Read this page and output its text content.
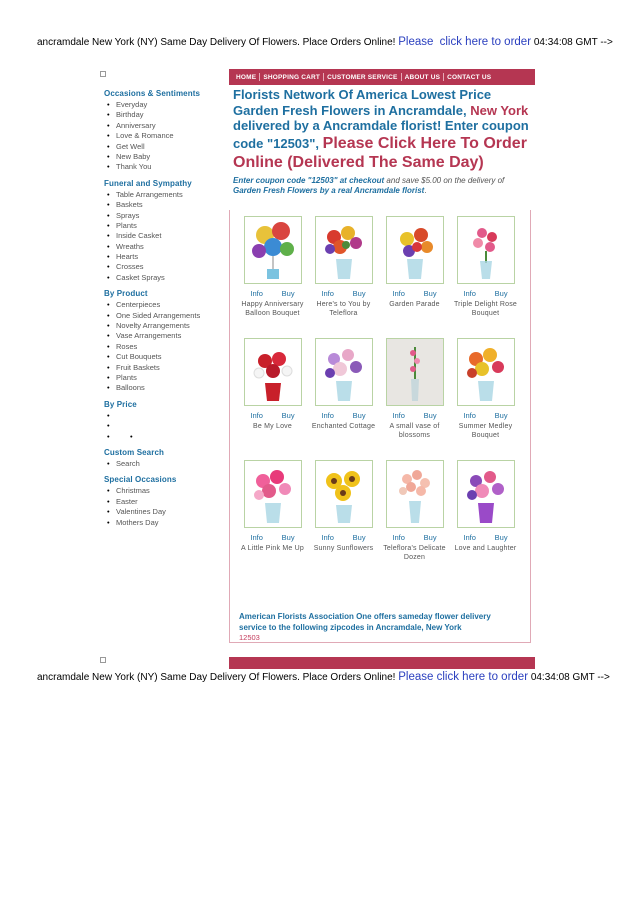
ancramdale New York (NY) Same Day Delivery Of Flowers. Place Orders Online! Please click here to order 04:34:08 GMT -->
HOME SHOPPING CART CUSTOMER SERVICE ABOUT US CONTACT US
Occasions & Sentiments
• Everyday
• Birthday
• Anniversary
• Love & Romance
• Get Well
• New Baby
• Thank You
Funeral and Sympathy
• Table Arrangements
• Baskets
• Sprays
• Plants
• Inside Casket
• Wreaths
• Hearts
• Crosses
• Casket Sprays
By Product
• Centerpieces
• One Sided Arrangements
• Novelty Arrangements
• Vase Arrangements
• Roses
• Cut Bouquets
• Fruit Baskets
• Plants
• Balloons
By Price
•
•
• •
Custom Search
• Search
Special Occasions
• Christmas
• Easter
• Valentines Day
• Mothers Day

Florists Network Of America Lowest Price Garden Fresh Flowers in Ancramdale, New York delivered by a Ancramdale florist! Enter coupon code "12503", Please Click Here To Order Online (Delivered The Same Day)

Enter coupon code "12503" at checkout and save $5.00 on the delivery of Garden Fresh Flowers by a real Ancramdale florist.
Info	Buy
Happy Anniversary Balloon Bouquet
Info	Buy
Here's to You by Teleflora
Info	Buy
Garden Parade
Info	Buy
Triple Delight Rose Bouquet
Info	Buy
Be My Love
Info	Buy
Enchanted Cottage
Info	Buy
A small vase of blossoms
Info	Buy
Summer Medley Bouquet
Info	Buy
A Little Pink Me Up
Info	Buy
Sunny Sunflowers
Info	Buy
Teleflora's Delicate Dozen
Info	Buy
Love and Laughter
American Florists Association One offers sameday flower delivery service to the following zipcodes in Ancramdale, New York
12503
ancramdale New York (NY) Same Day Delivery Of Flowers. Place Orders Online! Please click here to order 04:34:08 GMT -->
